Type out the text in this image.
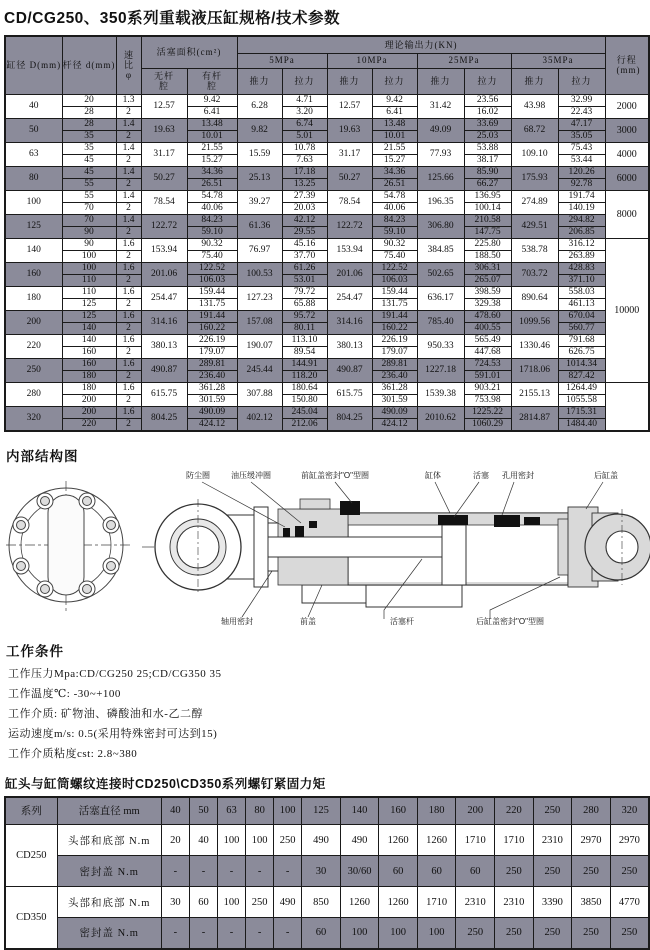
CD/CG250、350系列重载液压缸规格/技术参数
缸径 D(mm)	杆径 d(mm)	速比φ	活塞面积(cm²)		理论输出力(KN)								行程 (mm)
					5MPa		10MPa		25MPa		35MPa		
			无杆腔	有杆腔	推力	拉力	推力	拉力	推力	拉力	推力	拉力	
40	20	1.3	12.57	9.42	6.28	4.71	12.57	9.42	31.42	23.56	43.98	32.99	2000
	28	2		6.41		3.20		6.41		16.02		22.43	
50	28	1.4	19.63	13.48	9.82	6.74	19.63	13.48	49.09	33.69	68.72	47.17	3000
	35	2		10.01		5.01		10.01		25.03		35.05	
63	35	1.4	31.17	21.55	15.59	10.78	31.17	21.55	77.93	53.88	109.10	75.43	4000
	45	2		15.27		7.63		15.27		38.17		53.44	
80	45	1.4	50.27	34.36	25.13	17.18	50.27	34.36	125.66	85.90	175.93	120.26	6000
	55	2		26.51		13.25		26.51		66.27		92.78	
100	55	1.4	78.54	54.78	39.27	27.39	78.54	54.78	196.35	136.95	274.89	191.74	8000
	70	2		40.06		20.03		40.06		100.14		140.19	
125	70	1.4	122.72	84.23	61.36	42.12	122.72	84.23	306.80	210.58	429.51	294.82	
	90	2		59.10		29.55		59.10		147.75		206.85	
140	90	1.6	153.94	90.32	76.97	45.16	153.94	90.32	384.85	225.80	538.78	316.12	10000
	100	2		75.40		37.70		75.40		188.50		263.89	
160	100	1.6	201.06	122.52	100.53	61.26	201.06	122.52	502.65	306.31	703.72	428.83	
	110	2		106.03		53.01		106.03		265.07		371.10	
180	110	1.6	254.47	159.44	127.23	79.72	254.47	159.44	636.17	398.59	890.64	558.03	
	125	2		131.75		65.88		131.75		329.38		461.13	
200	125	1.6	314.16	191.44	157.08	95.72	314.16	191.44	785.40	478.60	1099.56	670.04	
	140	2		160.22		80.11		160.22		400.55		560.77	
220	140	1.6	380.13	226.19	190.07	113.10	380.13	226.19	950.33	565.49	1330.46	791.68	
	160	2		179.07		89.54		179.07		447.68		626.75	
250	160	1.6	490.87	289.81	245.44	144.91	490.87	289.81	1227.18	724.53	1718.06	1014.34	
	180	2		236.40		118.20		236.40		591.01		827.42	
280	180	1.6	615.75	361.28	307.88	180.64	615.75	361.28	1539.38	903.21	2155.13	1264.49	
	200	2		301.59		150.80		301.59		753.98		1055.58	
320	200	1.6	804.25	490.09	402.12	245.04	804.25	490.09	2010.62	1225.22	2814.87	1715.31	
	220	2		424.12		212.06		424.12		1060.29		1484.40	
内部结构图
防尘圈	油压缓冲圈	前缸盖密封"O"型圈	缸体	活塞 孔用密封	后缸盖
轴用密封	前盖	活塞杆	后缸盖密封"O"型圈
工作条件
工作压力Mpa:CD/CG250 25;CD/CG350 35
工作温度℃: -30~+100
工作介质: 矿物油、磷酸油和水-乙二醇
运动速度m/s: 0.5(采用特殊密封可达到15)
工作介质粘度cst: 2.8~380
缸头与缸筒螺纹连接时CD250\CD350系列螺钉紧固力矩
系列	活塞直径 mm	40	50	63	80	100	125	140	160	180	200	220	250	280	320
CD250	头部和底部 N.m	20	40	100	100	250	490	490	1260	1260	1710	1710	2310	2970	2970
	密封盖 N.m	-	-	-	-	-	30	30/60	60	60	60	250	250	250	250
CD350	头部和底部 N.m	30	60	100	250	490	850	1260	1260	1710	2310	2310	3390	3850	4770
	密封盖 N.m	-	-	-	-	-	60	100	100	100	250	250	250	250	250
